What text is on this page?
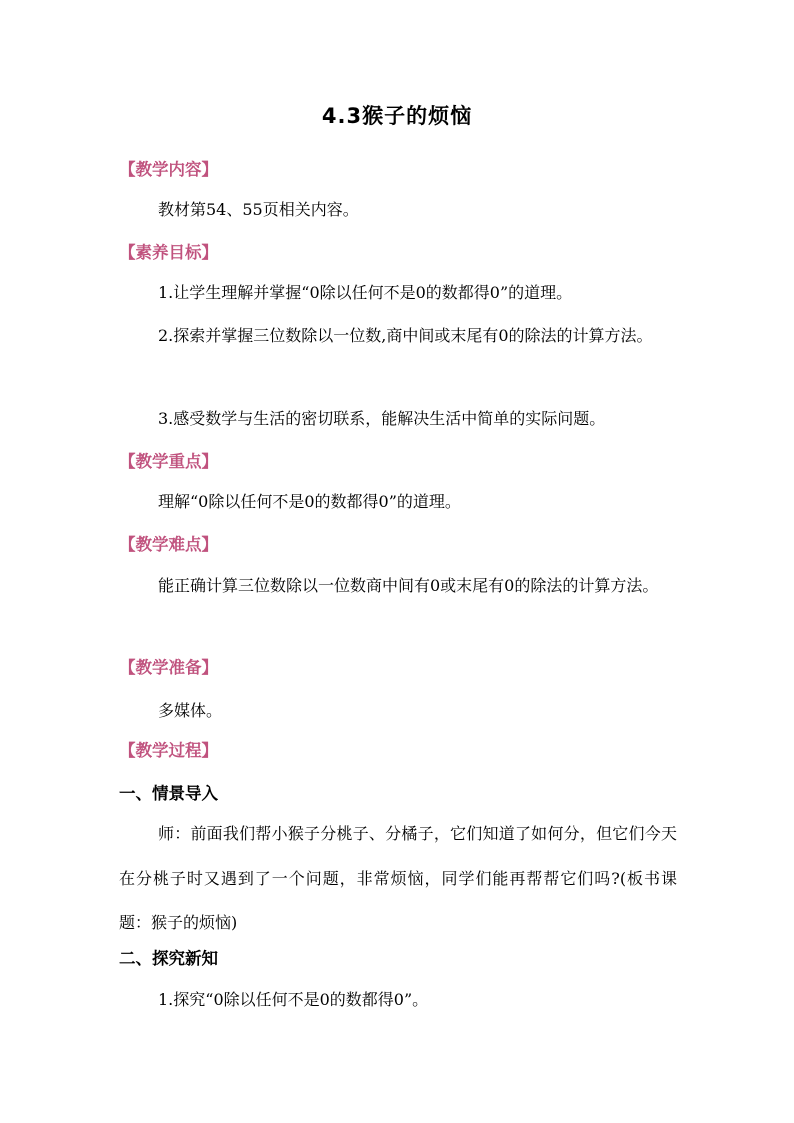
4.3猴子的烦恼
【教学内容】
教材第54、55页相关内容。
【素养目标】
1.让学生理解并掌握“0除以任何不是0的数都得0”的道理。
2.探索并掌握三位数除以一位数,商中间或末尾有0的除法的计算方法。
3.感受数学与生活的密切联系，能解决生活中简单的实际问题。
【教学重点】
理解“0除以任何不是0的数都得0”的道理。
【教学难点】
能正确计算三位数除以一位数商中间有0或末尾有0的除法的计算方法。
【教学准备】
多媒体。
【教学过程】
一、情景导入
师：前面我们帮小猴子分桃子、分橘子，它们知道了如何分，但它们今天在分桃子时又遇到了一个问题，非常烦恼，同学们能再帮帮它们吗?(板书课题：猴子的烦恼)
二、探究新知
1.探究“0除以任何不是0的数都得0”。
